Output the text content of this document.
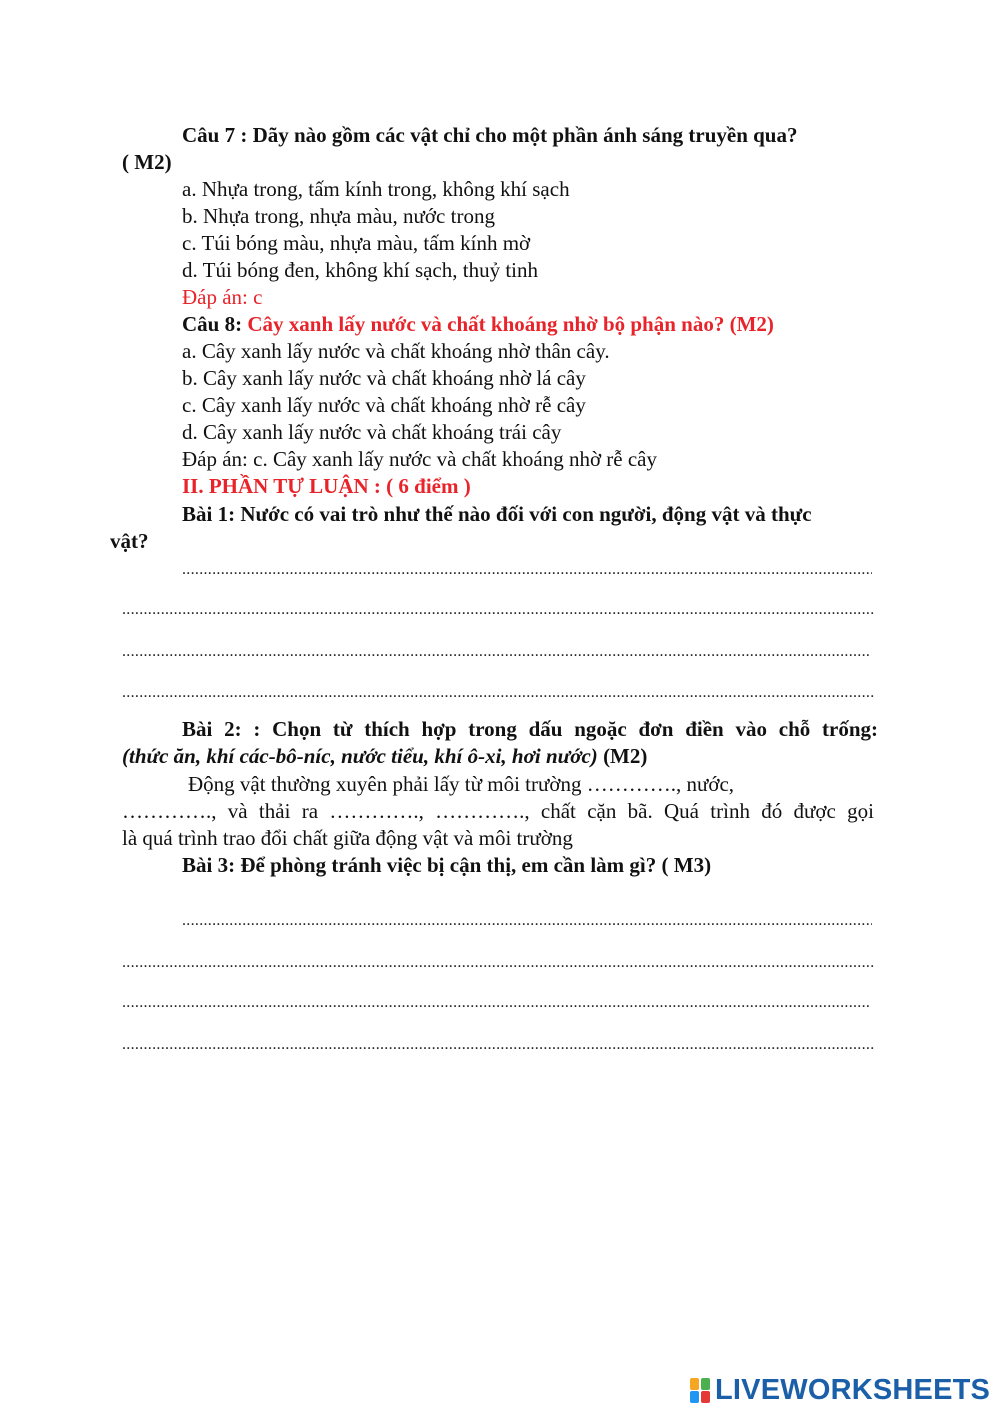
Câu 7 : Dãy nào gồm các vật chỉ cho một phần ánh sáng truyền qua?
( M2)
a. Nhựa trong, tấm kính trong, không khí sạch
b. Nhựa trong, nhựa màu, nước trong
c. Túi bóng màu, nhựa màu, tấm kính mờ
d. Túi bóng đen, không khí sạch, thuỷ tinh
Đáp án: c
Câu 8: Cây xanh lấy nước và chất khoáng nhờ bộ phận nào? (M2)
a. Cây xanh lấy nước và chất khoáng nhờ thân cây.
b. Cây xanh lấy nước và chất khoáng nhờ lá cây
c. Cây xanh lấy nước và chất khoáng nhờ rễ cây
d. Cây xanh lấy nước và chất khoáng trái cây
Đáp án: c. Cây xanh lấy nước và chất khoáng nhờ rễ cây
II. PHẦN TỰ LUẬN : ( 6 điểm )
Bài 1: Nước có vai trò như thế nào đối với con người, động vật và thực
vật?
.....
.....
.....
.....
Bài 2: : Chọn từ thích hợp trong dấu ngoặc đơn điền vào chỗ trống:
(thức ăn, khí các-bô-níc, nước tiểu, khí ô-xi, hơi nước) (M2)
Động vật thường xuyên phải lấy từ môi trường …………., nước,
…………., và thải ra …………., …………., chất cặn bã. Quá trình đó được gọi
là quá trình trao đổi chất giữa động vật và môi trường
Bài 3: Để phòng tránh việc bị cận thị, em cần làm gì? ( M3)
.....
.....
.....
.....
LIVEWORKSHEETS
